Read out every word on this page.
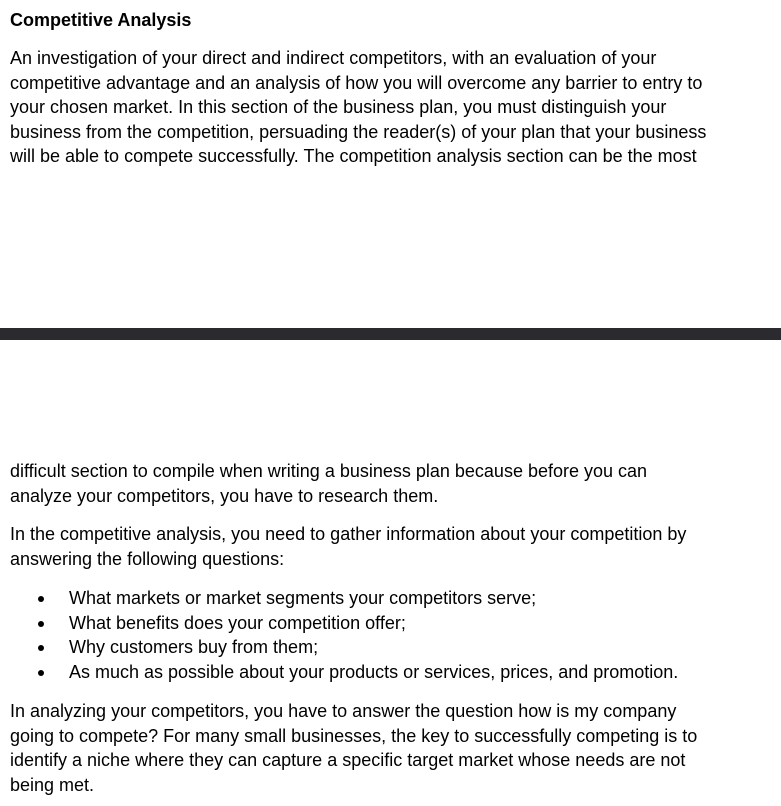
Competitive Analysis

An investigation of your direct and indirect competitors, with an evaluation of your
competitive advantage and an analysis of how you will overcome any barrier to entry to
your chosen market. In this section of the business plan, you must distinguish your
business from the competition, persuading the reader(s) of your plan that your business
will be able to compete successfully. The competition analysis section can be the most

difficult section to compile when writing a business plan because before you can
analyze your competitors, you have to research them.

In the competitive analysis, you need to gather information about your competition by
answering the following questions:

What markets or market segments your competitors serve;
What benefits does your competition offer;
Why customers buy from them;
As much as possible about your products or services, prices, and promotion.

In analyzing your competitors, you have to answer the question how is my company
going to compete? For many small businesses, the key to successfully competing is to
identify a niche where they can capture a specific target market whose needs are not
being met.
